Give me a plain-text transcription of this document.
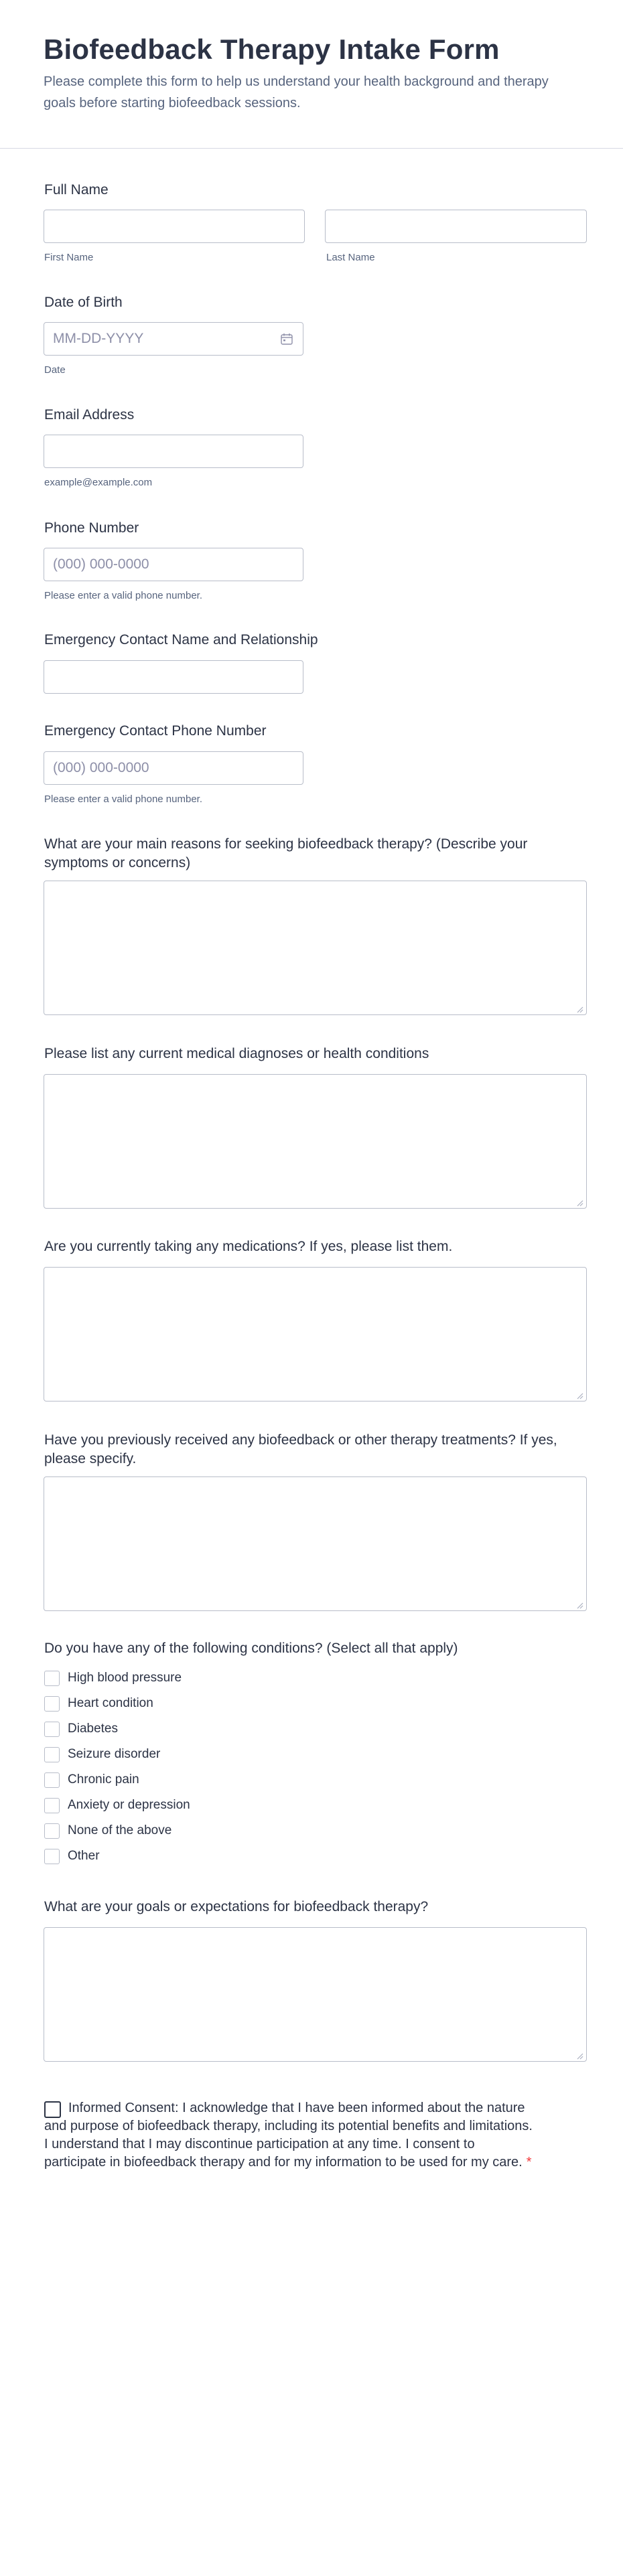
Biofeedback Therapy Intake Form
Please complete this form to help us understand your health background and therapy goals before starting biofeedback sessions.
Full Name
First Name	Last Name
Date of Birth
MM-DD-YYYY
Date
Email Address
example@example.com
Phone Number
(000) 000-0000
Please enter a valid phone number.
Emergency Contact Name and Relationship
Emergency Contact Phone Number
(000) 000-0000
Please enter a valid phone number.
What are your main reasons for seeking biofeedback therapy? (Describe your symptoms or concerns)
Please list any current medical diagnoses or health conditions
Are you currently taking any medications? If yes, please list them.
Have you previously received any biofeedback or other therapy treatments? If yes, please specify.
Do you have any of the following conditions? (Select all that apply)
High blood pressure
Heart condition
Diabetes
Seizure disorder
Chronic pain
Anxiety or depression
None of the above
Other
What are your goals or expectations for biofeedback therapy?
Informed Consent: I acknowledge that I have been informed about the nature and purpose of biofeedback therapy, including its potential benefits and limitations. I understand that I may discontinue participation at any time. I consent to participate in biofeedback therapy and for my information to be used for my care. *
